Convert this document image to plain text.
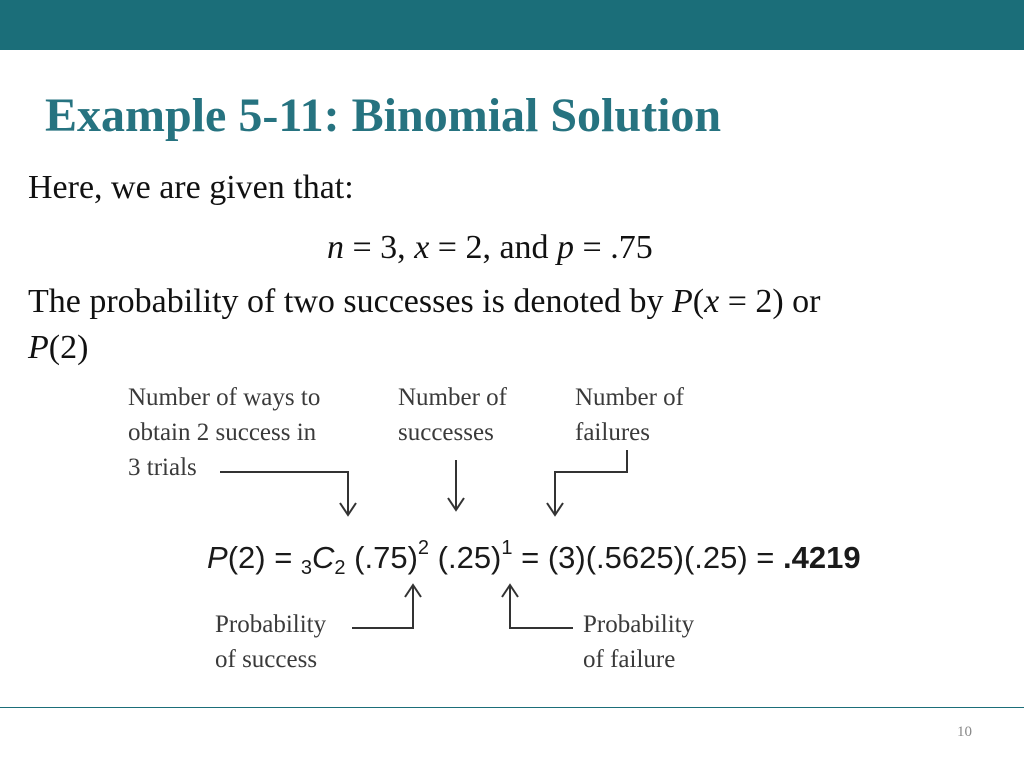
Example 5-11: Binomial Solution
Here, we are given that:
n = 3, x = 2, and p = .75
The probability of two successes is denoted by P(x = 2) or
P(2)
Number of ways to
obtain 2 success in
3 trials
Number of
successes
Number of
failures
Probability
of success
Probability
of failure
$P(2) = _3C_2$ $(.75)^2$ $(.25)^1 = (3)(.5625)(.25) = .4219$
10
